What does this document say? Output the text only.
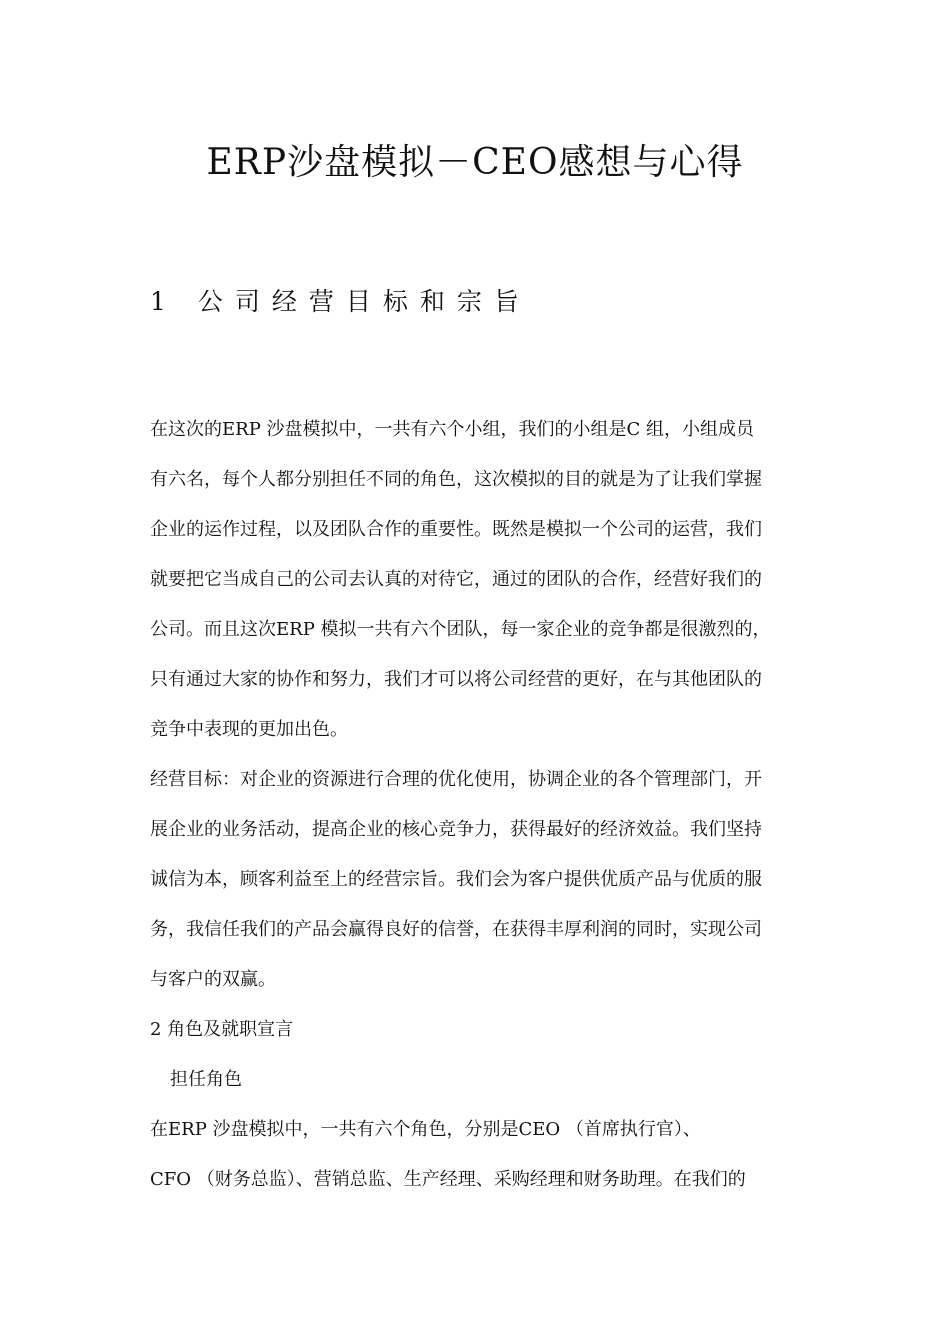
ERP沙盘模拟－CEO感想与心得
1 公司经营目标和宗旨
在这次的ERP 沙盘模拟中，一共有六个小组，我们的小组是C 组，小组成员
有六名，每个人都分别担任不同的角色，这次模拟的目的就是为了让我们掌握
企业的运作过程，以及团队合作的重要性。既然是模拟一个公司的运营，我们
就要把它当成自己的公司去认真的对待它，通过的团队的合作，经营好我们的
公司。而且这次ERP 模拟一共有六个团队，每一家企业的竞争都是很激烈的，
只有通过大家的协作和努力，我们才可以将公司经营的更好，在与其他团队的
竞争中表现的更加出色。
经营目标：对企业的资源进行合理的优化使用，协调企业的各个管理部门，开
展企业的业务活动，提高企业的核心竞争力，获得最好的经济效益。我们坚持
诚信为本，顾客利益至上的经营宗旨。我们会为客户提供优质产品与优质的服
务，我信任我们的产品会赢得良好的信誉，在获得丰厚利润的同时，实现公司
与客户的双赢。
2 角色及就职宣言
担任角色
在ERP 沙盘模拟中，一共有六个角色，分别是CEO （首席执行官）、
CFO （财务总监）、营销总监、生产经理、采购经理和财务助理。在我们的
